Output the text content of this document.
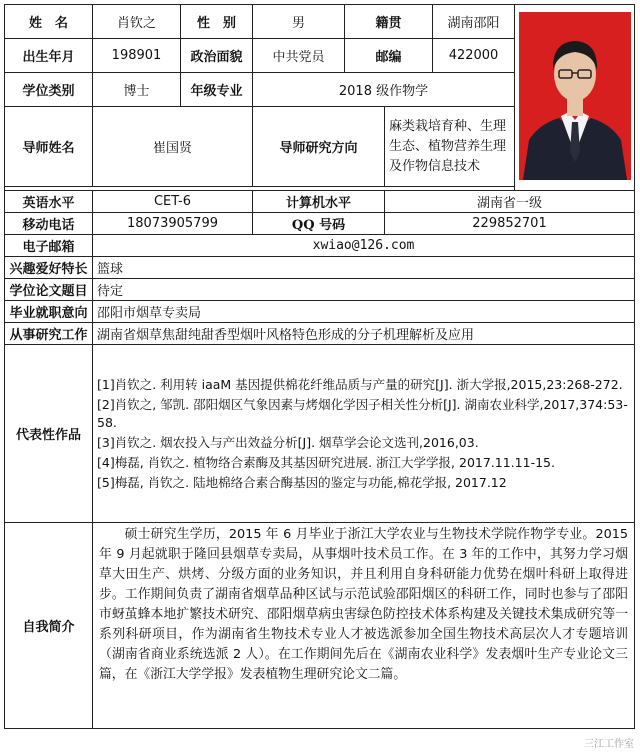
姓　名	肖钦之	性　别	男	籍贯		湖南邵阳	
出生年月	198901	政治面貌	中共党员	邮编		422000	
学位类别	博士	年级专业	2018 级作物学				
导师姓名	崔国贤		导师研究方向		麻类栽培育种、生理生态、植物营养生理及作物信息技术		

英语水平	CET-6		计算机水平		湖南省一级		
移动电话	18073905799		QQ 号码		229852701		
电子邮箱	xwiao@126.com						
兴趣爱好特长	篮球						
学位论文题目	待定						
毕业就职意向	邵阳市烟草专卖局						
从事研究工作	湖南省烟草焦甜纯甜香型烟叶风格特色形成的分子机理解析及应用						
代表性作品	[1]肖钦之. 利用转 iaaM 基因提供棉花纤维品质与产量的研究[J]. 浙大学报,2015,23:268-272.
[2]肖钦之, 邹凯. 邵阳烟区气象因素与烤烟化学因子相关性分析[J]. 湖南农业科学,2017,374:53-58.
[3]肖钦之. 烟农投入与产出效益分析[J]. 烟草学会论文选刊,2016,03.
[4]梅磊, 肖钦之. 植物络合素酶及其基因研究进展. 浙江大学学报, 2017.11.11-15.
[5]梅磊, 肖钦之. 陆地棉络合素合酶基因的鉴定与功能,棉花学报, 2017.12						

自我简介	硕士研究生学历，2015 年 6 月毕业于浙江大学农业与生物技术学院作物学专业。2015 年 9 月起就职于隆回县烟草专卖局，从事烟叶技术员工作。在 3 年的工作中，其努力学习烟草大田生产、烘烤、分级方面的业务知识，并且利用自身科研能力优势在烟叶科研上取得进步。工作期间负责了湖南省烟草品种区试与示范试验邵阳烟区的科研工作，同时也参与了邵阳市蚜茧蜂本地扩繁技术研究、邵阳烟草病虫害绿色防控技术体系构建及关键技术集成研究等一系列科研项目，作为湖南省生物技术专业人才被选派参加全国生物技术高层次人才专题培训（湖南省商业系统选派 2 人）。在工作期间先后在《湖南农业科学》发表烟叶生产专业论文三篇，在《浙江大学学报》发表植物生理研究论文二篇。						
三江工作室
